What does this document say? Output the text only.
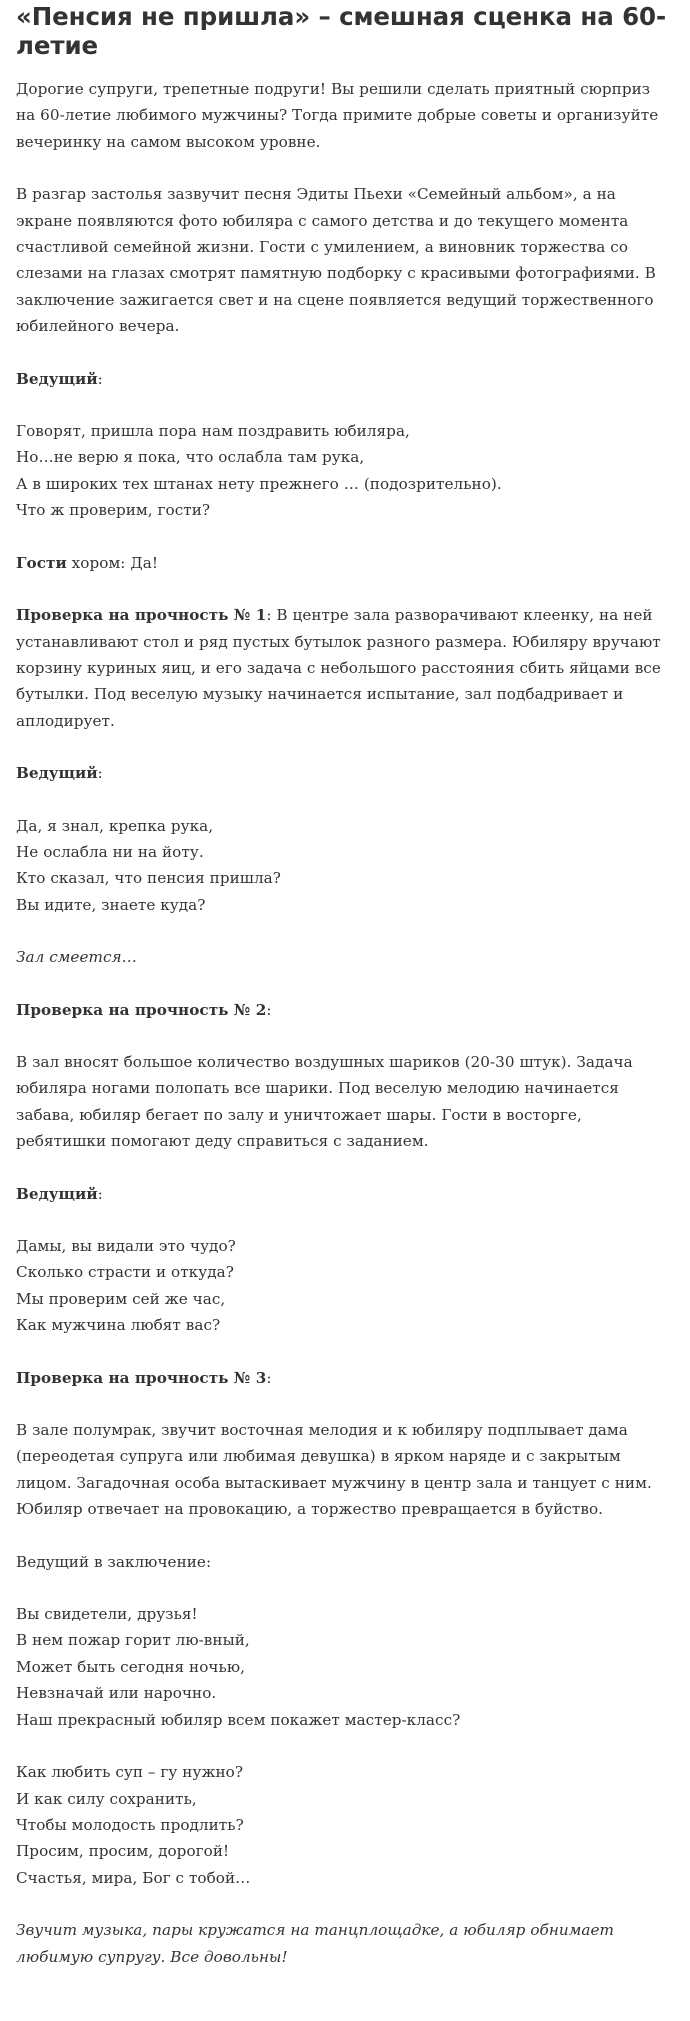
«Пенсия не пришла» – смешная сценка на 60-летие

Дорогие супруги, трепетные подруги! Вы решили сделать приятный сюрприз на 60-летие любимого мужчины? Тогда примите добрые советы и организуйте вечеринку на самом высоком уровне.

В разгар застолья зазвучит песня Эдиты Пьехи «Семейный альбом», а на экране появляются фото юбиляра с самого детства и до текущего момента счастливой семейной жизни. Гости с умилением, а виновник торжества со слезами на глазах смотрят памятную подборку с красивыми фотографиями. В заключение зажигается свет и на сцене появляется ведущий торжественного юбилейного вечера.

Ведущий:

Говорят, пришла пора нам поздравить юбиляра,
Но…не верю я пока, что ослабла там рука,
А в широких тех штанах нету прежнего … (подозрительно).
Что ж проверим, гости?

Гости хором: Да!

Проверка на прочность № 1: В центре зала разворачивают клеенку, на ней устанавливают стол и ряд пустых бутылок разного размера. Юбиляру вручают корзину куриных яиц, и его задача с небольшого расстояния сбить яйцами все бутылки. Под веселую музыку начинается испытание, зал подбадривает и аплодирует.

Ведущий:

Да, я знал, крепка рука,
Не ослабла ни на йоту.
Кто сказал, что пенсия пришла?
Вы идите, знаете куда?

Зал смеется…

Проверка на прочность № 2:

В зал вносят большое количество воздушных шариков (20-30 штук). Задача юбиляра ногами полопать все шарики. Под веселую мелодию начинается забава, юбиляр бегает по залу и уничтожает шары. Гости в восторге, ребятишки помогают деду справиться с заданием.

Ведущий:

Дамы, вы видали это чудо?
Сколько страсти и откуда?
Мы проверим сей же час,
Как мужчина любят вас?

Проверка на прочность № 3:

В зале полумрак, звучит восточная мелодия и к юбиляру подплывает дама (переодетая супруга или любимая девушка) в ярком наряде и с закрытым лицом. Загадочная особа вытаскивает мужчину в центр зала и танцует с ним. Юбиляр отвечает на провокацию, а торжество превращается в буйство.

Ведущий в заключение:

Вы свидетели, друзья!
В нем пожар горит лю-вный,
Может быть сегодня ночью,
Невзначай или нарочно.
Наш прекрасный юбиляр всем покажет мастер-класс?

Как любить суп – гу нужно?
И как силу сохранить,
Чтобы молодость продлить?
Просим, просим, дорогой!
Счастья, мира, Бог с тобой…

Звучит музыка, пары кружатся на танцплощадке, а юбиляр обнимает любимую супругу. Все довольны!
